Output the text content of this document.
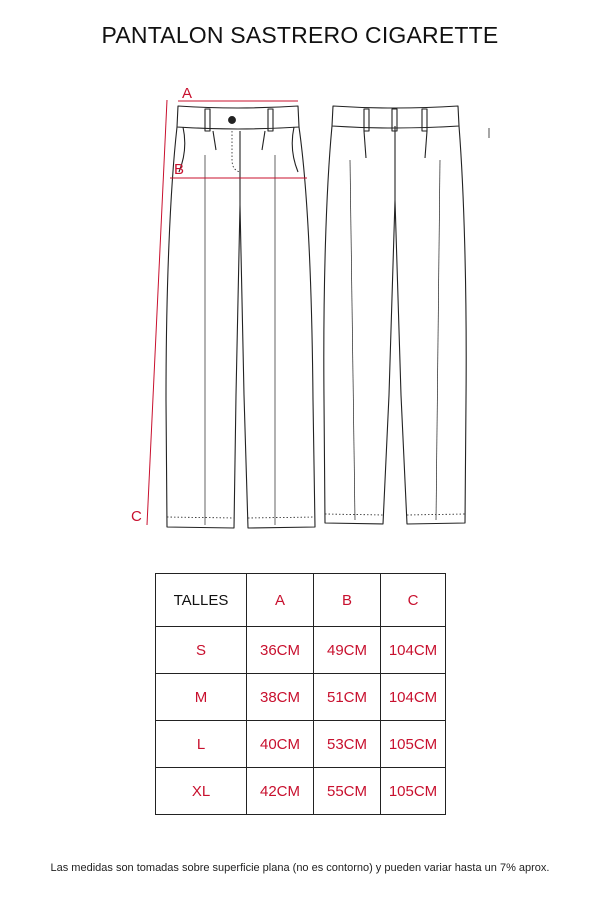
PANTALON SASTRERO CIGARETTE
A
B
C
TALLES	A	B	C
S	36CM	49CM	104CM
M	38CM	51CM	104CM
L	40CM	53CM	105CM
XL	42CM	55CM	105CM
Las medidas son tomadas sobre superficie plana (no es contorno) y pueden variar hasta un 7% aprox.
